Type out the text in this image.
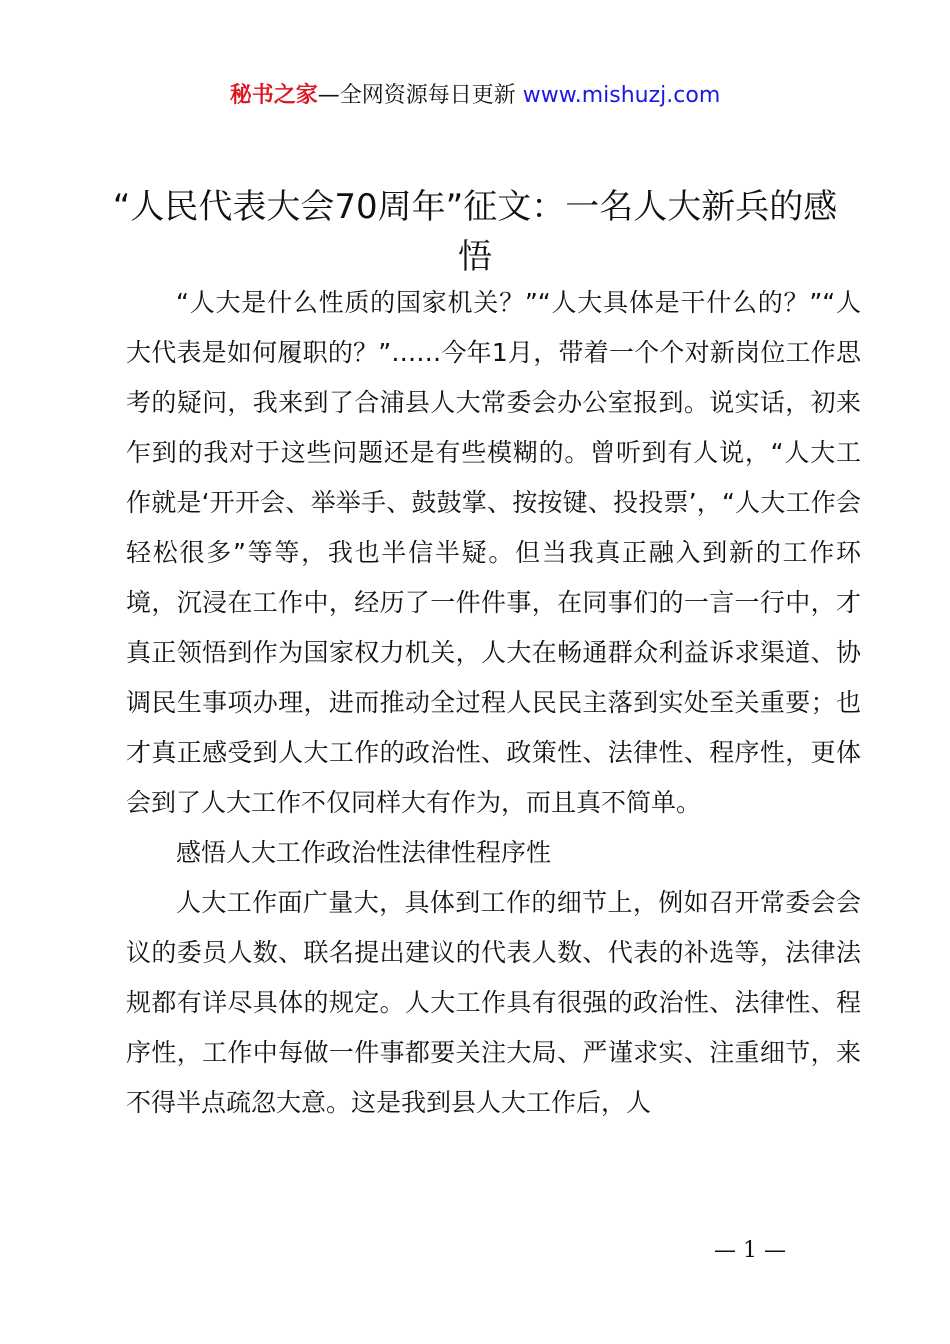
秘书之家—全网资源每日更新 www.mishuzj.com
“人民代表大会70周年”征文：一名人大新兵的感悟

“人大是什么性质的国家机关？”“人大具体是干什么的？”“人大代表是如何履职的？”……今年1月，带着一个个对新岗位工作思考的疑问，我来到了合浦县人大常委会办公室报到。说实话，初来乍到的我对于这些问题还是有些模糊的。曾听到有人说，“人大工作就是‘开开会、举举手、鼓鼓掌、按按键、投投票’，“人大工作会轻松很多”等等，我也半信半疑。但当我真正融入到新的工作环境，沉浸在工作中，经历了一件件事，在同事们的一言一行中，才真正领悟到作为国家权力机关，人大在畅通群众利益诉求渠道、协调民生事项办理，进而推动全过程人民民主落到实处至关重要；也才真正感受到人大工作的政治性、政策性、法律性、程序性，更体会到了人大工作不仅同样大有作为，而且真不简单。

感悟人大工作政治性法律性程序性

人大工作面广量大，具体到工作的细节上，例如召开常委会会议的委员人数、联名提出建议的代表人数、代表的补选等，法律法规都有详尽具体的规定。人大工作具有很强的政治性、法律性、程序性，工作中每做一件事都要关注大局、严谨求实、注重细节，来不得半点疏忽大意。这是我到县人大工作后，人

— 1 —
